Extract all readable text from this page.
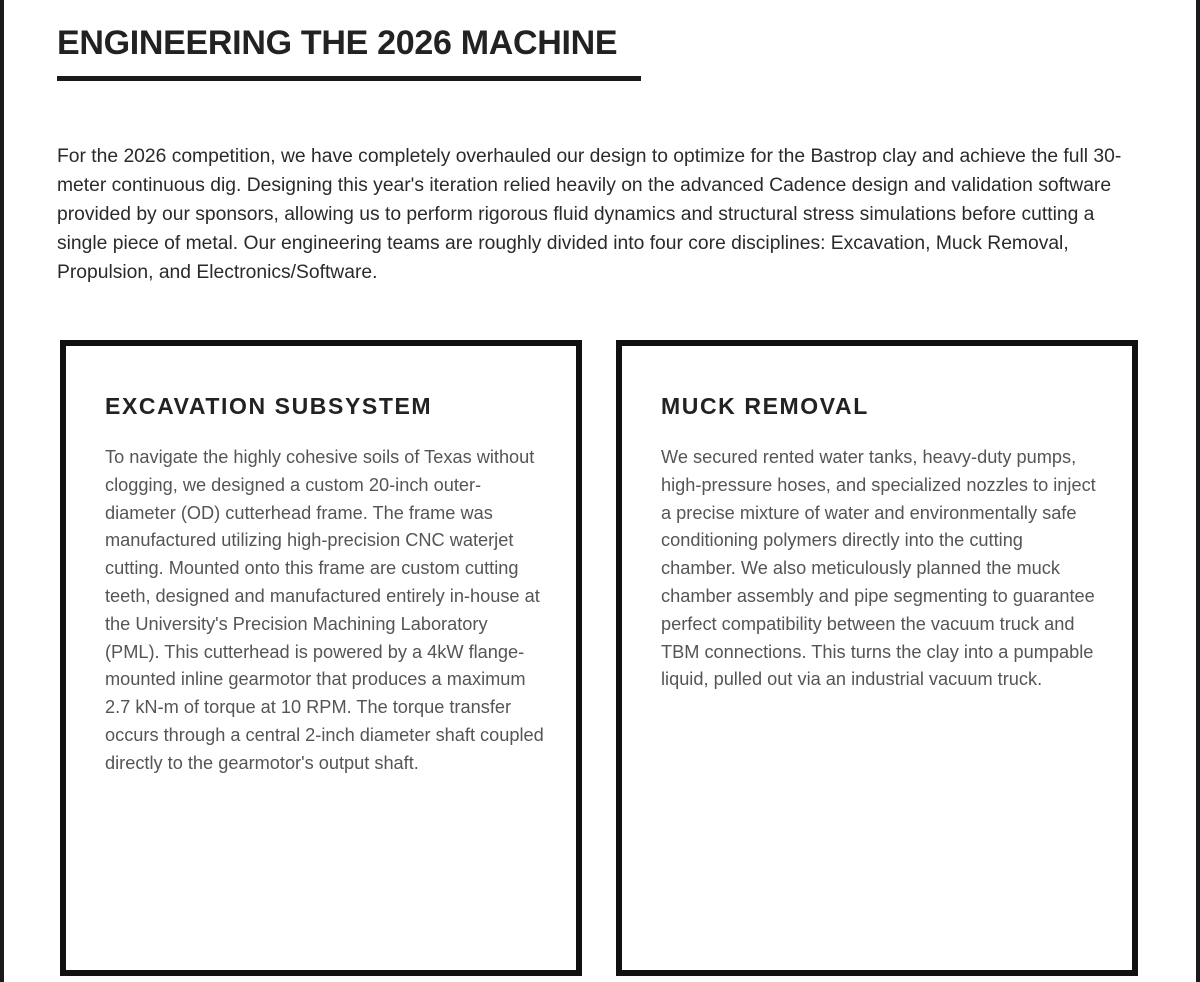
ENGINEERING THE 2026 MACHINE

For the 2026 competition, we have completely overhauled our design to optimize for the Bastrop clay and achieve the full 30-meter continuous dig. Designing this year's iteration relied heavily on the advanced Cadence design and validation software provided by our sponsors, allowing us to perform rigorous fluid dynamics and structural stress simulations before cutting a single piece of metal. Our engineering teams are roughly divided into four core disciplines: Excavation, Muck Removal, Propulsion, and Electronics/Software.

EXCAVATION SUBSYSTEM

To navigate the highly cohesive soils of Texas without clogging, we designed a custom 20-inch outer-diameter (OD) cutterhead frame. The frame was manufactured utilizing high-precision CNC waterjet cutting. Mounted onto this frame are custom cutting teeth, designed and manufactured entirely in-house at the University's Precision Machining Laboratory (PML). This cutterhead is powered by a 4kW flange-mounted inline gearmotor that produces a maximum 2.7 kN-m of torque at 10 RPM. The torque transfer occurs through a central 2-inch diameter shaft coupled directly to the gearmotor's output shaft.

MUCK REMOVAL

We secured rented water tanks, heavy-duty pumps, high-pressure hoses, and specialized nozzles to inject a precise mixture of water and environmentally safe conditioning polymers directly into the cutting chamber. We also meticulously planned the muck chamber assembly and pipe segmenting to guarantee perfect compatibility between the vacuum truck and TBM connections. This turns the clay into a pumpable liquid, pulled out via an industrial vacuum truck.
